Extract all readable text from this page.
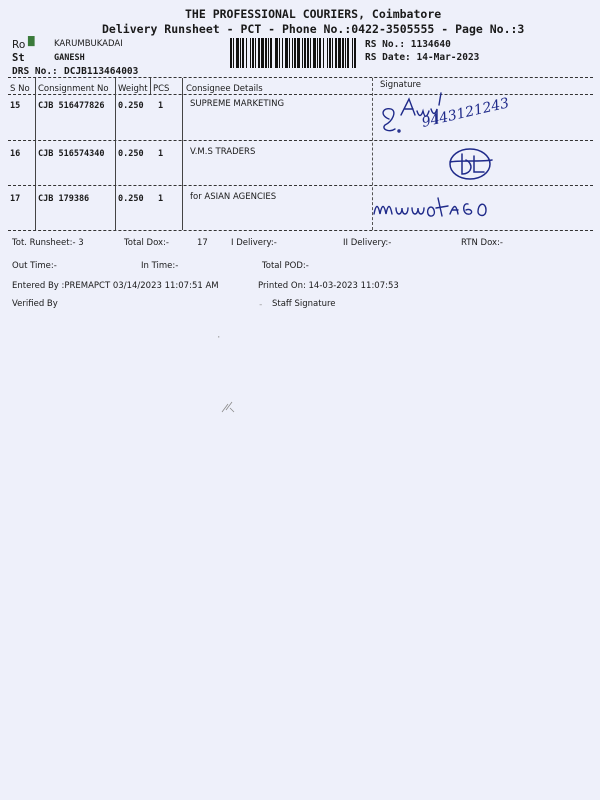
THE PROFESSIONAL COURIERS, Coimbatore
Delivery Runsheet - PCT - Phone No.:0422-3505555 - Page No.:3
Ro █ KARUMBUKADAI
St	GANESH
DRS No.: DCJB113464003
RS No.: 1134640
RS Date: 14-Mar-2023
S No Consignment No Weight PCS Consignee Details	Signature
15 CJB 516477826 0.250 1	SUPREME MARKETING	9443121243
16 CJB 516574340 0.250 1	V.M.S TRADERS
17 CJB 179386	0.250 1	for ASIAN AGENCIES
Tot. Runsheet:- 3	Total Dox:-	17	I Delivery:-	II Delivery:-	RTN Dox:-
Out Time:-	In Time:-	Total POD:-
Entered By :PREMAPCT 03/14/2023 11:07:51 AM	Printed On: 14-03-2023 11:07:53
Verified By	Staff Signature
·
-
